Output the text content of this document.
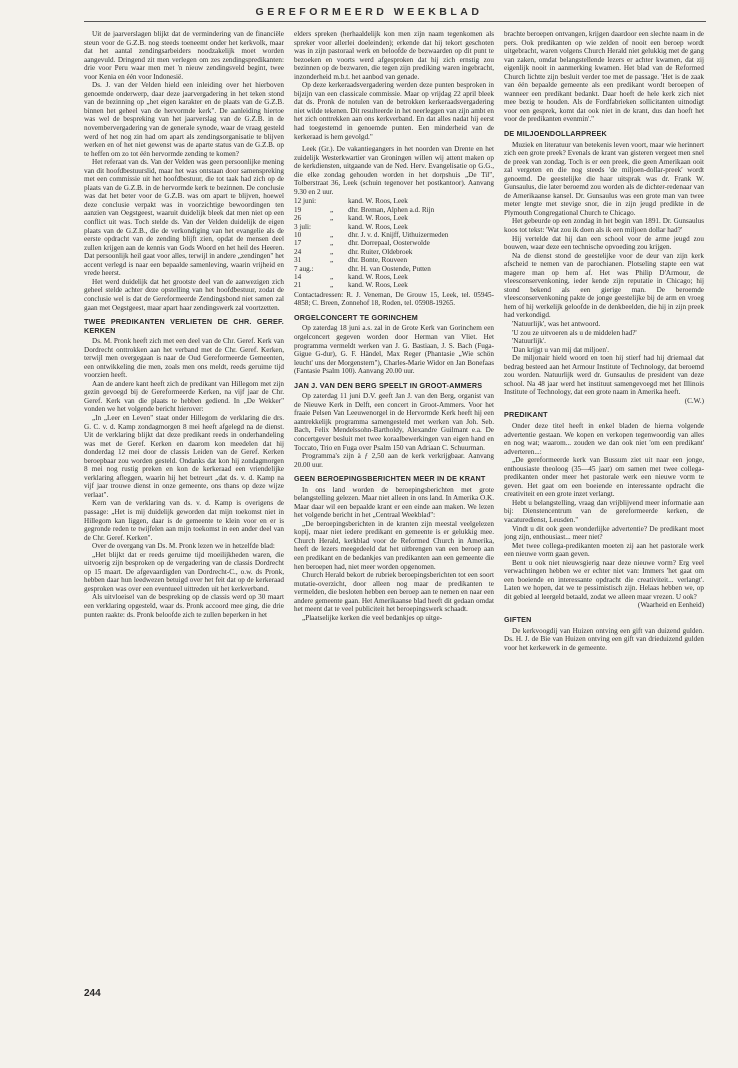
GEREFORMEERD WEEKBLAD

Uit de jaarverslagen blijkt dat de vermindering van de financiële steun voor de G.Z.B. nog steeds toeneemt onder het kerkvolk, maar dat het aantal zendingsarbeiders noodzakelijk moet worden aangevuld. Dringend zit men verlegen om zes zendingspredikanten: drie voor Peru waar men met 'n nieuw zendingsveld begint, twee voor Kenia en één voor Indonesië.

Ds. J. van der Velden hield een inleiding over het hierboven genoemde onderwerp, daar deze jaarvergadering in het teken stond van de bezinning op „het eigen karakter en de plaats van de G.Z.B. binnen het geheel van de hervormde kerk". De aanleiding hiertoe was wel de bespreking van het jaarverslag van de G.Z.B. in de novembervergadering van de generale synode, waar de vraag gesteld werd of het nog zin had om apart als zendingsorganisatie te blijven werken en of het niet gewenst was de aparte status van de G.Z.B. op te heffen om zo tot één hervormde zending te komen?

Het referaat van ds. Van der Velden was geen persoonlijke mening van dit hoofdbestuurslid, maar het was ontstaan door samenspreking met een commissie uit het hoofdbestuur, die tot taak had zich op de plaats van de G.Z.B. in de hervormde kerk te bezinnen. De conclusie was dat het beter voor de G.Z.B. was om apart te blijven, hoewel deze conclusie verpakt was in voorzichtige bewoordingen ten aanzien van Oegstgeest, waaruit duidelijk bleek dat men niet op een conflict uit was. Toch stelde ds. Van der Velden duidelijk de eigen plaats van de G.Z.B., die de verkondiging van het evangelie als de eerste opdracht van de zending blijft zien, opdat de mensen deel zullen krijgen aan de kennis van Gods Woord en het heil des Heeren. Dat persoonlijk heil gaat voor alles, terwijl in andere „zendingen" het accent verlegd is naar een bepaalde samenleving, waarin vrijheid en vrede heerst.

Het werd duidelijk dat het grootste deel van de aanwezigen zich geheel stelde achter deze opstelling van het hoofdbestuur, zodat de conclusie wel is dat de Gereformeerde Zendingsbond niet samen zal gaan met Oegstgeest, maar apart haar zendingswerk zal voortzetten.

TWEE PREDIKANTEN VERLIETEN DE CHR. GEREF. KERKEN

Ds. M. Pronk heeft zich met een deel van de Chr. Geref. Kerk van Dordrecht onttrokken aan het verband met de Chr. Geref. Kerken, terwijl men overgegaan is naar de Oud Gereformeerde Gemeenten, een ontwikkeling die men, zoals men ons meldt, reeds geruime tijd voorzien heeft.

Aan de andere kant heeft zich de predikant van Hillegom met zijn gezin gevoegd bij de Gereformeerde Kerken, na vijf jaar de Chr. Geref. Kerk van die plaats te hebben gediend. In „De Wekker" vonden we het volgende bericht hierover:

„In „Leer en Leven" staat onder Hillegom de verklaring die drs. G. C. v. d. Kamp zondagmorgen 8 mei heeft afgelegd na de dienst. Uit de verklaring blijkt dat deze predikant reeds in onderhandeling was met de Geref. Kerken en daarom kon meedelen dat hij donderdag 12 mei door de classis Leiden van de Geref. Kerken beroepbaar zou worden gesteld. Ondanks dat kon hij zondagmorgen 8 mei nog rustig preken en kon de kerkeraad een vriendelijke verklaring afleggen, waarin hij het betreurt „dat ds. v. d. Kamp na vijf jaar trouwe dienst in onze gemeente, ons thans op deze wijze verlaat".

Kern van de verklaring van ds. v. d. Kamp is overigens de passage: „Het is mij duidelijk geworden dat mijn toekomst niet in Hillegom kan liggen, daar is de gemeente te klein voor en er is gegronde reden te twijfelen aan mijn toekomst in een ander deel van de Chr. Geref. Kerken".

Over de overgang van Ds. M. Pronk lezen we in hetzelfde blad:

„Het blijkt dat er reeds geruime tijd moeilijkheden waren, die uitvoerig zijn besproken op de vergadering van de classis Dordrecht op 15 maart. De afgevaardigden van Dordrecht-C., o.w. ds Pronk, hebben daar hun leedwezen betuigd over het feit dat op de kerkeraad gesproken was over een eventueel uittreden uit het kerkverband.

Als uitvloeisel van de bespreking op de classis werd op 30 maart een verklaring opgesteld, waar ds. Pronk accoord mee ging, die drie punten raakte: ds. Pronk beloofde zich te zullen beperken in het

elders spreken (herhaaldelijk kon men zijn naam tegenkomen als spreker voor allerlei doeleinden); erkende dat hij tekort geschoten was in zijn pastoraal werk en beloofde de bezwaarden op dit punt te bezoeken en voorts werd afgesproken dat hij zich ernstig zou bezinnen op de bezwaren, die tegen zijn prediking waren ingebracht, inzonderheid m.b.t. het aanbod van genade.

Op deze kerkeraadsvergadering werden deze punten besproken in bijzijn van een classicale commissie. Maar op vrijdag 22 april bleek dat ds. Pronk de notulen van de betrokken kerkeraadsvergadering niet wilde tekenen. Dit resulteerde in het neerleggen van zijn ambt en het zich onttrekken aan ons kerkverband. En dat alles nadat hij eerst had toegestemd in genoemde punten. Een minderheid van de kerkeraad is hem gevolgd."

Leek (Gr.). De vakantiegangers in het noorden van Drente en het zuidelijk Westerkwartier van Groningen willen wij attent maken op de kerkdiensten, uitgaande van de Ned. Herv. Evangelisatie op G.G., die elke zondag gehouden worden in het dorpshuis „De Til", Tolberstraat 36, Leek (schuin tegenover het postkantoor). Aanvang 9.30 en 2 uur.

12 juni:		kand. W. Roos, Leek
19	„	dhr. Breman, Alphen a.d. Rijn
26	„	kand. W. Roos, Leek
3 juli:		kand. W. Roos, Leek
10	„	dhr. J. v. d. Knijff, Uithuizermeden
17	„	dhr. Dorrepaal, Oosterwolde
24	„	dhr. Ruiter, Oldebroek
31	„	dhr. Bonte, Rouveen
7 aug.:		dhr. H. van Oostende, Putten
14	„	kand. W. Roos, Leek
21	„	kand. W. Roos, Leek

Contactadressen: R. J. Veneman, De Grouw 15, Leek, tel. 05945-4858; C. Breen, Zonnehof 18, Roden, tel. 05908-19265.

ORGELCONCERT TE GORINCHEM

Op zaterdag 18 juni a.s. zal in de Grote Kerk van Gorinchem een orgelconcert gegeven worden door Herman van Vliet. Het programma vermeldt werken van J. G. Bastiaan, J. S. Bach (Fuga-Gigue G-dur), G. F. Händel, Max Reger (Phantasie „Wie schön leucht' uns der Morgenstern"), Charles-Marie Widor en Jan Bonefaas (Fantasie Psalm 100). Aanvang 20.00 uur.

JAN J. VAN DEN BERG SPEELT IN GROOT-AMMERS

Op zaterdag 11 juni D.V. geeft Jan J. van den Berg, organist van de Nieuwe Kerk in Delft, een concert in Groot-Ammers. Voor het fraaie Pelsen Van Leeuwenorgel in de Hervormde Kerk heeft hij een aantrekkelijk programma samengesteld met werken van Joh. Seb. Bach, Felix Mendelssohn-Bartholdy, Alexandre Guilmant e.a. De concertgever besluit met twee koraalbewerkingen van eigen hand en Toccato, Trio en Fuga over Psalm 150 van Adriaan C. Schuurman.

Programma's zijn à ƒ 2,50 aan de kerk verkrijgbaar. Aanvang 20.00 uur.

GEEN BEROEPINGSBERICHTEN MEER IN DE KRANT

In ons land worden de beroepingsberichten met grote belangstelling gelezen. Maar niet alleen in ons land. In Amerika O.K. Maar daar wil een bepaalde krant er een einde aan maken. We lezen het volgende bericht in het „Centraal Weekblad":

„De beroepingsberichten in de kranten zijn meestal veelgelezen kopij, maar niet iedere predikant en gemeente is er gelukkig mee. Church Herald, kerkblad voor de Reformed Church in Amerika, heeft de lezers meegedeeld dat het uitbrengen van een beroep aan een predikant en de bedankjes van predikanten aan een gemeente die hen beroepen had, niet meer worden opgenomen.

Church Herald bekort de rubriek beroepingsberichten tot een soort mutatie-overzicht, door alleen nog maar de predikanten te vermelden, die besloten hebben een beroep aan te nemen en naar een andere gemeente gaan. Het Amerikaanse blad heeft dit gedaan omdat het meent dat te veel publiciteit het beroepingswerk schaadt.

„Plaatselijke kerken die veel bedankjes op uitge-

brachte beroepen ontvangen, krijgen daardoor een slechte naam in de pers. Ook predikanten op wie zelden of nooit een beroep wordt uitgebracht, waren volgens Church Herald niet gelukkig met de gang van zaken, omdat belangstellende lezers er achter kwamen, dat zij eigenlijk nooit in aanmerking kwamen. Het blad van de Reformed Church lichtte zijn besluit verder toe met de passage. 'Het is de zaak van één bepaalde gemeente als een predikant wordt beroepen of wanneer een predikant bedankt. Daar hoeft de hele kerk zich niet mee bezig te houden. Als de Fordfabrieken sollicitanten uitnodigt voor een gesprek, komt dat ook niet in de krant, dus dan hoeft het voor de predikanten evenmin'."

DE MILJOENDOLLARPREEK

Muziek en literatuur van betekenis leven voort, maar wie herinnert zich een grote preek? Evenals de krant van gisteren vergeet men snel de preek van zondag. Toch is er een preek, die geen Amerikaan ooit zal vergeten en die nog steeds 'de miljoen-dollar-preek' wordt genoemd. De geestelijke die haar uitsprak was dr. Frank W. Gunsaulus, die later beroemd zou worden als de dichter-redenaar van de Amerikaanse kansel. Dr. Gunsaulus was een grote man van twee meter lengte met stevige snor, die in zijn jeugd predikte in de Plymouth Congregational Church te Chicago.

Het gebeurde op een zondag in het begin van 1891. Dr. Gunsaulus koos tot tekst: 'Wat zou ik doen als ik een miljoen dollar had?'

Hij vertelde dat hij dan een school voor de arme jeugd zou bouwen, waar deze een technische opvoeding zou krijgen.

Na de dienst stond de geestelijke voor de deur van zijn kerk afscheid te nemen van de parochianen. Plotseling stapte een wat magere man op hem af. Het was Philip D'Armour, de vleesconservenkoning, ieder kende zijn reputatie in Chicago; hij stond bekend als een gierige man. De beroemde vleesconservenkoning pakte de jonge geestelijke bij de arm en vroeg hem of hij werkelijk geloofde in de denkbeelden, die hij in zijn preek had verkondigd.

'Natuurlijk', was het antwoord.

'U zou ze uitvoeren als u de middelen had?'

'Natuurlijk'.

'Dan krijgt u van mij dat miljoen'.

De miljonair hield woord en toen hij stierf had hij driemaal dat bedrag besteed aan het Armour Institute of Technology, dat beroemd zou worden. Natuurlijk werd dr. Gunsaulus de president van deze school. Na 48 jaar werd het instituut samengevoegd met het Illinois Institute of Technology, dat een grote naam in Amerika heeft.

(C.W.)

PREDIKANT

Onder deze titel heeft in enkel bladen de hierna volgende advertentie gestaan. We kopen en verkopen tegenwoordig van alles en nog wat; waarom... zouden we dan ook niet 'om een predikant' adverteren...:

„De gereformeerde kerk van Bussum ziet uit naar een jonge, enthousiaste theoloog (35—45 jaar) om samen met twee collega-predikanten onder meer het pastorale werk een nieuwe vorm te geven. Het gaat om een boeiende en interessante opdracht die creativiteit en een grote inzet verlangt.

Hebt u belangstelling, vraag dan vrijblijvend meer informatie aan bij: Dienstencentrum van de gereformeerde kerken, de vacaturedienst, Leusden."

Vindt u dit ook geen wonderlijke advertentie? De predikant moet jong zijn, enthousiast... meer niet?

Met twee collega-predikanten moeten zij aan het pastorale werk een nieuwe vorm gaan geven.

Bent u ook niet nieuwsgierig naar deze nieuwe vorm? Erg veel verwachtingen hebben we er echter niet van: Immers 'het gaat om een boeiende en interessante opdracht die creativiteit... verlangt'. Laten we hopen, dat we te pessimistisch zijn. Helaas hebben we, op dit gebied al leergeld betaald, zodat we alleen maar vrezen. U ook?

(Waarheid en Eenheid)

GIFTEN

De kerkvoogdij van Huizen ontving een gift van duizend gulden. Ds. H. J. de Bie van Huizen ontving een gift van drieduizend gulden voor het kerkewerk in de gemeente.

244
